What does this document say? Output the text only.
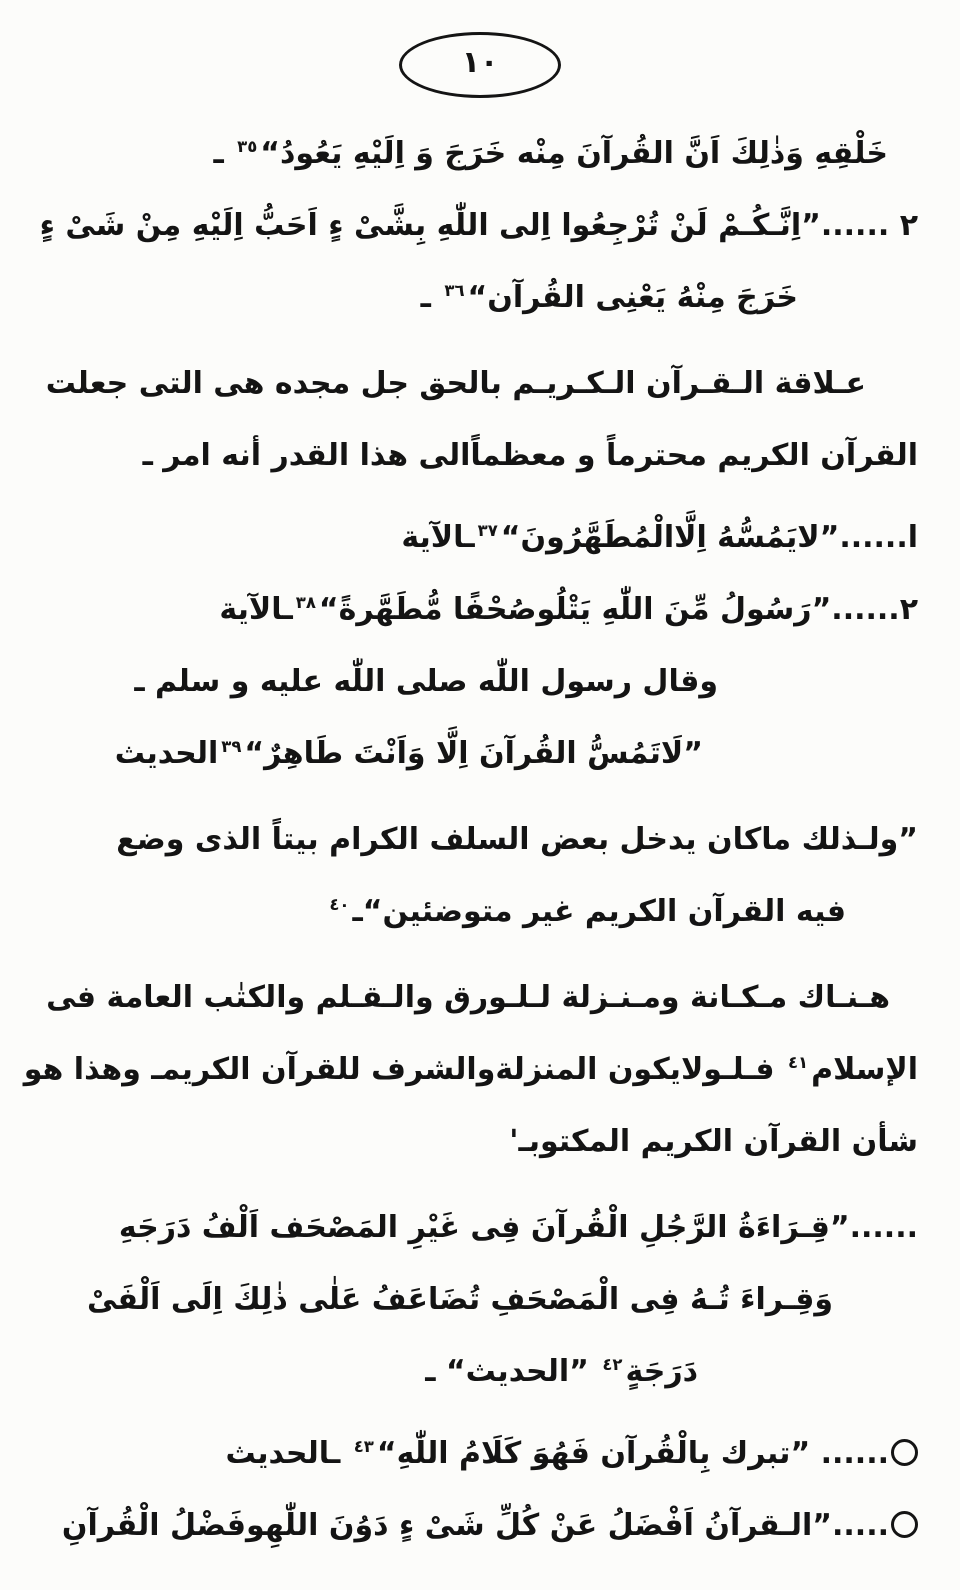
١٠
خَلْقِهِ وَذٰلِكَ اَنَّ القُرآنَ مِنْه خَرَجَ وَ اِلَيْهِ يَعُودُ“$^{٣٥}$ ـ
٢ ......”اِنَّـكُـمْ لَنْ تُرْجِعُوا اِلى اللّٰهِ بِشَّىْ ءٍ اَحَبُّ اِلَيْهِ مِنْ شَىْ ءٍ
خَرَجَ مِنْهُ يَعْنِى القُرآن“$^{٣٦}$ ـ
عـلاقة الـقـرآن الـكـريـم بالحق جل مجده هى التى جعلت
القرآن الكريم محترماً و معظماًالى هذا القدر أنه امر ـ
ا......”لايَمُسُّهُ اِلَّاالْمُطَهَّرُونَ“$^{٣٧}$ـالآية
٢......”رَسُولُ مِّنَ اللّٰهِ يَتْلُوصُحْفًا مُّطَهَّرةً“$^{٣٨}$ـالآية
وقال رسول اللّٰه صلى اللّٰه عليه و سلم ـ
”لَاتَمُسُّ القُرآنَ اِلَّا وَاَنْتَ طَاهِرٌ“$^{٣٩}$الحديث
”ولـذلك ماكان يدخل بعض السلف الكرام بيتاً الذى وضع
فيه القرآن الكريم غير متوضئين“ـ$^{٤٠}$
هـنـاك مـكـانة ومـنـزلة لـلـورق والـقـلم والكتٰب العامة فى
الإسلام$^{٤١}$ فـلـولايكون المنزلةوالشرف للقرآن الكريمـ وهذا هو
شأن القرآن الكريم المكتوبـ'
......”قِـرَاءَةُ الرَّجُلِ الْقُرآنَ فِى غَيْرِ المَصْحَف اَلْفُ دَرَجَهِ
وَقِـراءَ تُـهُ فِى الْمَصْحَفِ تُضَاعَفُ عَلٰى ذٰلِكَ اِلَى اَلْفَىْ
دَرَجَةٍ$^{٤٢}$ ”الحديث“ ـ
...... ”تبرك بِالْقُرآن فَهُوَ كَلَامُ اللّٰهِ“$^{٤٣}$ ـالحديث
.....”الـقرآنُ اَفْضَلُ عَنْ كُلِّ شَىْ ءٍ دَوُنَ اللّٰهِوفَضْلُ الْقُرآنِ
